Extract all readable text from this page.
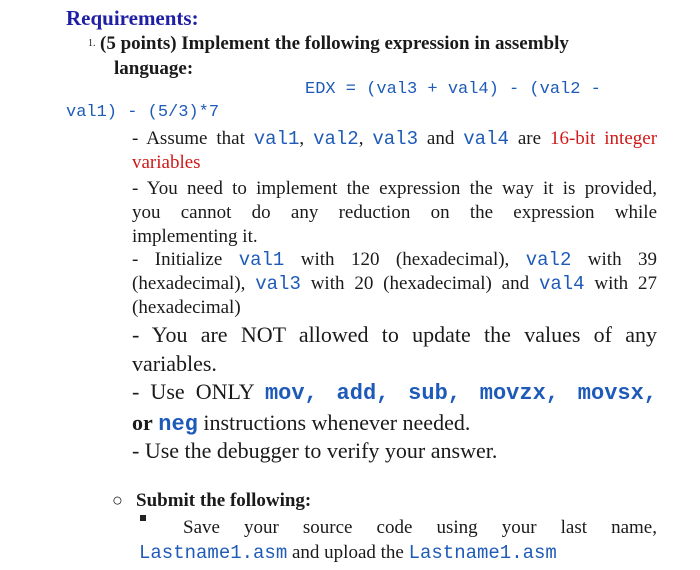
Requirements:
1. (5 points) Implement the following expression in assembly
language:
EDX = (val3 + val4) - (val2 -
val1) - (5/3)*7
- Assume that val1, val2, val3 and val4 are 16-bit integer
variables
- You need to implement the expression the way it is provided,
you cannot do any reduction on the expression while
implementing it.
- Initialize val1 with 120 (hexadecimal), val2 with 39
(hexadecimal), val3 with 20 (hexadecimal) and val4 with 27
(hexadecimal)
- You are NOT allowed to update the values of any
variables.
- Use ONLY mov, add, sub, movzx, movsx,
or neg instructions whenever needed.
- Use the debugger to verify your answer.
○ Submit the following:
Save your source code using your last name,
Lastname1.asm and upload the Lastname1.asm
